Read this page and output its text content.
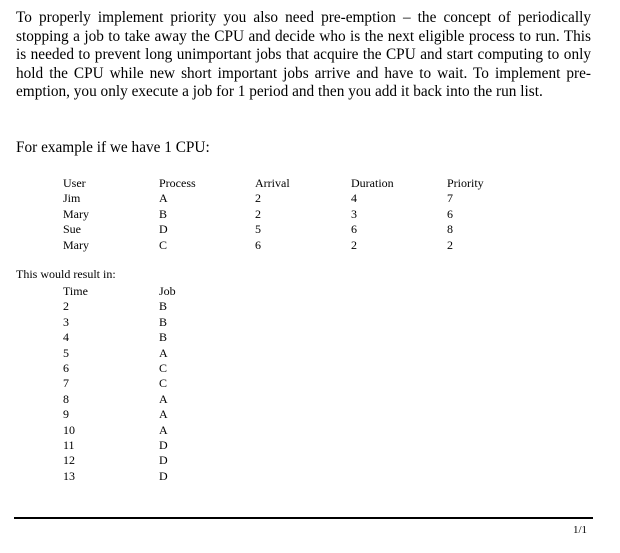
To properly implement priority you also need pre-emption – the concept of periodically stopping a job to take away the CPU and decide who is the next eligible process to run. This is needed to prevent long unimportant jobs that acquire the CPU and start computing to only hold the CPU while new short important jobs arrive and have to wait. To implement pre-emption, you only execute a job for 1 period and then you add it back into the run list.
For example if we have 1 CPU:
User
Jim
Mary
Sue
Mary
Process
A
B
D
C
Arrival
2
2
5
6
Duration
4
3
6
2
Priority
7
6
8
2
This would result in:
Time
2
3
4
5
6
7
8
9
10
11
12
13
Job
B
B
B
A
C
C
A
A
A
D
D
D
1/1
